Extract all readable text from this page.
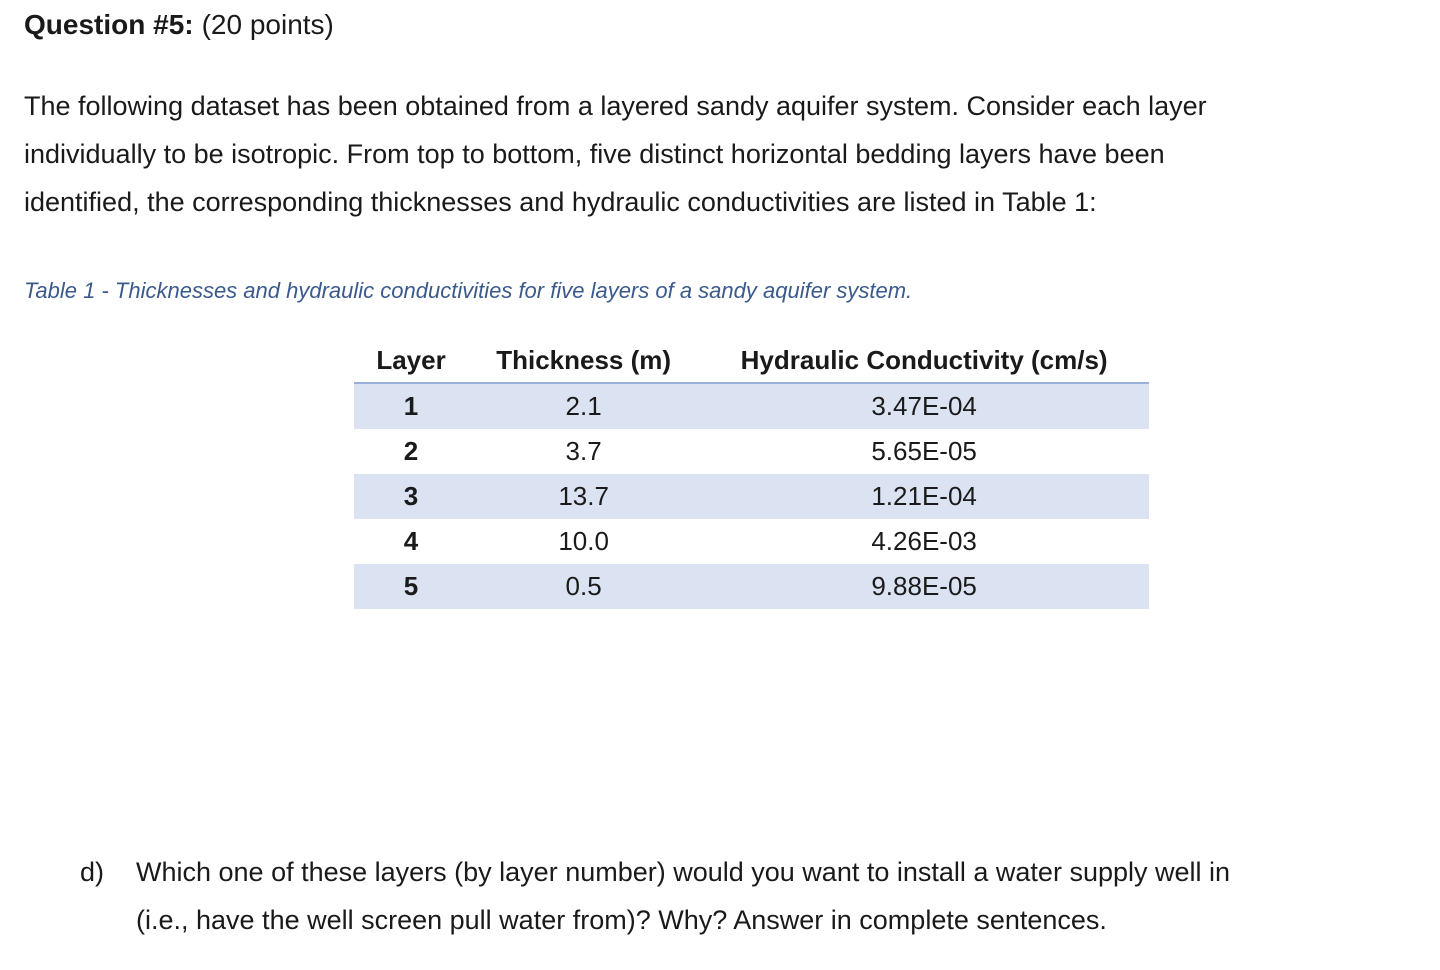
Question #5: (20 points)

The following dataset has been obtained from a layered sandy aquifer system. Consider each layer
individually to be isotropic. From top to bottom, five distinct horizontal bedding layers have been
identified, the corresponding thicknesses and hydraulic conductivities are listed in Table 1:

Table 1 - Thicknesses and hydraulic conductivities for five layers of a sandy aquifer system.
Layer	Thickness (m)	Hydraulic Conductivity (cm/s)
1	2.1	3.47E-04
2	3.7	5.65E-05
3	13.7	1.21E-04
4	10.0	4.26E-03
5	0.5	9.88E-05
d) Which one of these layers (by layer number) would you want to install a water supply well in
(i.e., have the well screen pull water from)? Why? Answer in complete sentences.
